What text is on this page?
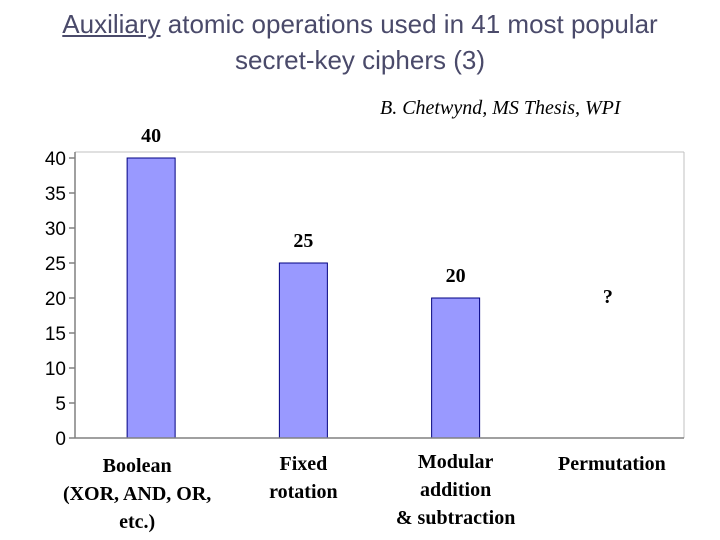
Auxiliary atomic operations used in 41 most popular
secret-key ciphers (3)
B. Chetwynd, MS Thesis, WPI
40
25
20
?
0
5
10
15
20
25
30
35
40
Boolean
(XOR, AND, OR,
etc.)
Fixed
rotation
Modular
addition
& subtraction
Permutation
